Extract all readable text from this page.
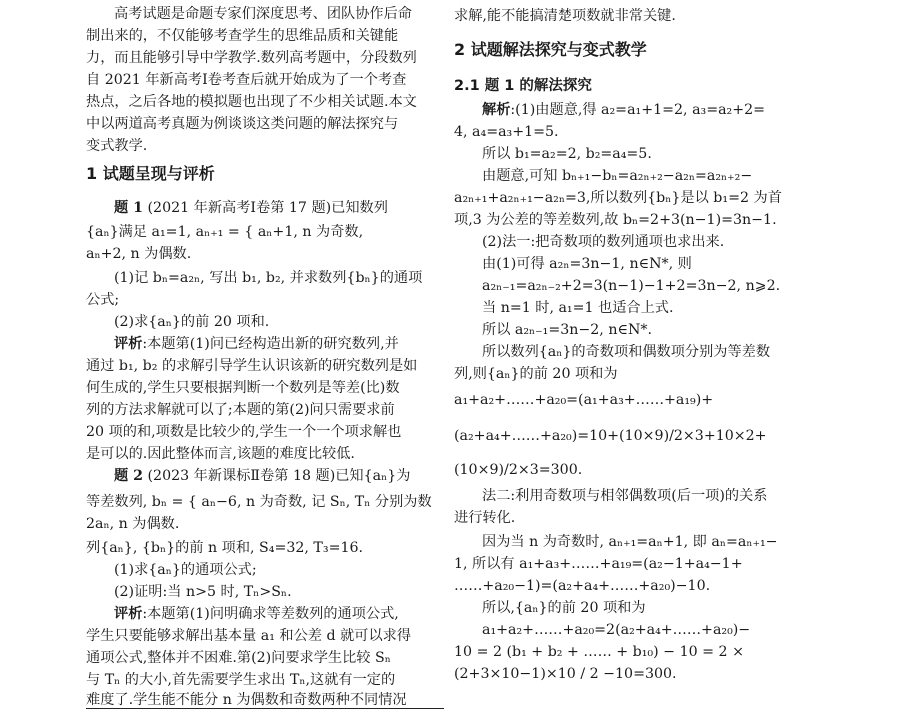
高考试题是命题专家们深度思考、团队协作后命
制出来的，不仅能够考查学生的思维品质和关键能
力，而且能够引导中学教学.数列高考题中，分段数列
自 2021 年新高考Ⅰ卷考查后就开始成为了一个考查
热点，之后各地的模拟题也出现了不少相关试题.本文
中以两道高考真题为例谈谈这类问题的解法探究与
变式教学.
1 试题呈现与评析
题 1 (2021 年新高考Ⅰ卷第 17 题)已知数列
{aₙ}满足 a₁=1, aₙ₊₁ = { aₙ+1, n 为奇数,
aₙ+2, n 为偶数.
(1)记 bₙ=a₂ₙ, 写出 b₁, b₂, 并求数列{bₙ}的通项
公式;
(2)求{aₙ}的前 20 项和.
评析:本题第(1)问已经构造出新的研究数列,并
通过 b₁, b₂ 的求解引导学生认识该新的研究数列是如
何生成的,学生只要根据判断一个数列是等差(比)数
列的方法求解就可以了;本题的第(2)问只需要求前
20 项的和,项数是比较少的,学生一个一个项求解也
是可以的.因此整体而言,该题的难度比较低.
题 2 (2023 年新课标Ⅱ卷第 18 题)已知{aₙ}为
等差数列, bₙ = { aₙ−6, n 为奇数, 记 Sₙ, Tₙ 分别为数
2aₙ, n 为偶数.
列{aₙ}, {bₙ}的前 n 项和, S₄=32, T₃=16.
(1)求{aₙ}的通项公式;
(2)证明:当 n>5 时, Tₙ>Sₙ.
评析:本题第(1)问明确求等差数列的通项公式,
学生只要能够求解出基本量 a₁ 和公差 d 就可以求得
通项公式,整体并不困难.第(2)问要求学生比较 Sₙ
与 Tₙ 的大小,首先需要学生求出 Tₙ,这就有一定的
难度了.学生能不能分 n 为偶数和奇数两种不同情况
求解,能不能搞清楚项数就非常关键.
2 试题解法探究与变式教学
2.1 题 1 的解法探究
解析:(1)由题意,得 a₂=a₁+1=2, a₃=a₂+2=
4, a₄=a₃+1=5.
所以 b₁=a₂=2, b₂=a₄=5.
由题意,可知 bₙ₊₁−bₙ=a₂ₙ₊₂−a₂ₙ=a₂ₙ₊₂−
a₂ₙ₊₁+a₂ₙ₊₁−a₂ₙ=3,所以数列{bₙ}是以 b₁=2 为首
项,3 为公差的等差数列,故 bₙ=2+3(n−1)=3n−1.
(2)法一:把奇数项的数列通项也求出来.
由(1)可得 a₂ₙ=3n−1, n∈N*, 则
a₂ₙ₋₁=a₂ₙ₋₂+2=3(n−1)−1+2=3n−2, n⩾2.
当 n=1 时, a₁=1 也适合上式.
所以 a₂ₙ₋₁=3n−2, n∈N*.
所以数列{aₙ}的奇数项和偶数项分别为等差数
列,则{aₙ}的前 20 项和为
a₁+a₂+……+a₂₀=(a₁+a₃+……+a₁₉)+
(a₂+a₄+……+a₂₀)=10+(10×9)/2×3+10×2+
(10×9)/2×3=300.
法二:利用奇数项与相邻偶数项(后一项)的关系
进行转化.
因为当 n 为奇数时, aₙ₊₁=aₙ+1, 即 aₙ=aₙ₊₁−
1, 所以有 a₁+a₃+……+a₁₉=(a₂−1+a₄−1+
……+a₂₀−1)=(a₂+a₄+……+a₂₀)−10.
所以,{aₙ}的前 20 项和为
a₁+a₂+……+a₂₀=2(a₂+a₄+……+a₂₀)−
10 = 2 (b₁ + b₂ + …… + b₁₀) − 10 = 2 ×
(2+3×10−1)×10 / 2 −10=300.
